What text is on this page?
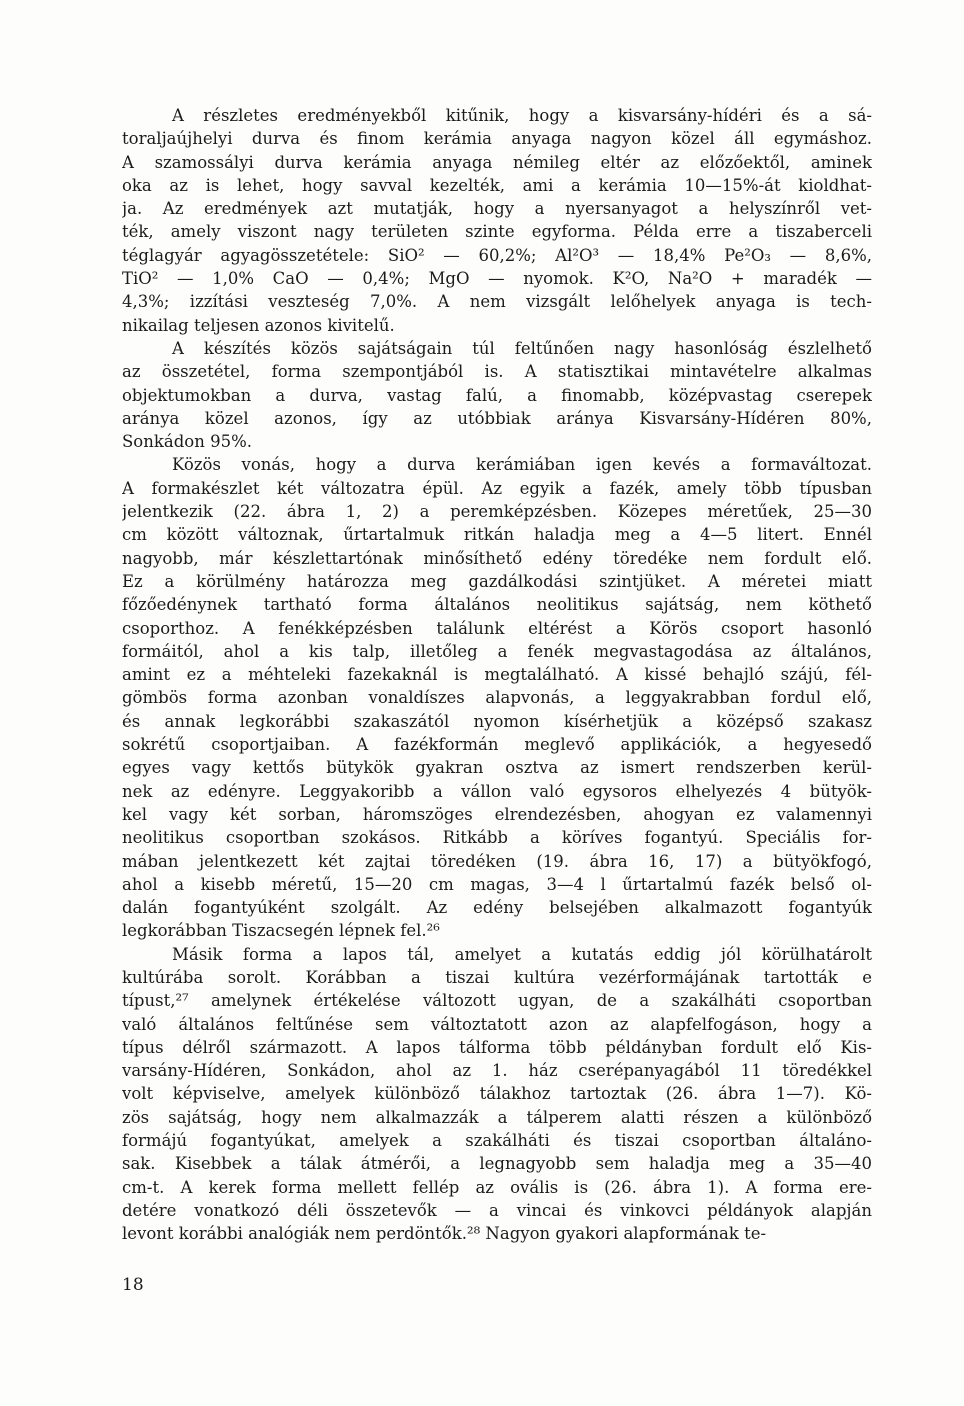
A részletes eredményekből kitűnik, hogy a kisvarsány-hídéri és a sá-
toraljaújhelyi durva és finom kerámia anyaga nagyon közel áll egymáshoz.
A szamossályi durva kerámia anyaga némileg eltér az előzőektől, aminek
oka az is lehet, hogy savval kezelték, ami a kerámia 10—15%-át kioldhat-
ja. Az eredmények azt mutatják, hogy a nyersanyagot a helyszínről vet-
ték, amely viszont nagy területen szinte egyforma. Példa erre a tiszaberceli
téglagyár agyagösszetétele: SiO² — 60,2%; Al²O³ — 18,4% Pe²O₃ — 8,6%,
TiO² — 1,0% CaO — 0,4%; MgO — nyomok. K²O, Na²O + maradék —
4,3%; izzítási veszteség 7,0%. A nem vizsgált lelőhelyek anyaga is tech-
nikailag teljesen azonos kivitelű.
A készítés közös sajátságain túl feltűnően nagy hasonlóság észlelhető
az összetétel, forma szempontjából is. A statisztikai mintavételre alkalmas
objektumokban a durva, vastag falú, a finomabb, középvastag cserepek
aránya közel azonos, így az utóbbiak aránya Kisvarsány-Hídéren 80%,
Sonkádon 95%.
Közös vonás, hogy a durva kerámiában igen kevés a formaváltozat.
A formakészlet két változatra épül. Az egyik a fazék, amely több típusban
jelentkezik (22. ábra 1, 2) a peremképzésben. Közepes méretűek, 25—30
cm között változnak, űrtartalmuk ritkán haladja meg a 4—5 litert. Ennél
nagyobb, már készlettartónak minősíthető edény töredéke nem fordult elő.
Ez a körülmény határozza meg gazdálkodási szintjüket. A méretei miatt
főzőedénynek tartható forma általános neolitikus sajátság, nem köthető
csoporthoz. A fenékképzésben találunk eltérést a Körös csoport hasonló
formáitól, ahol a kis talp, illetőleg a fenék megvastagodása az általános,
amint ez a méhteleki fazekaknál is megtalálható. A kissé behajló szájú, fél-
gömbös forma azonban vonaldíszes alapvonás, a leggyakrabban fordul elő,
és annak legkorábbi szakaszától nyomon kísérhetjük a középső szakasz
sokrétű csoportjaiban. A fazékformán meglevő applikációk, a hegyesedő
egyes vagy kettős bütykök gyakran osztva az ismert rendszerben kerül-
nek az edényre. Leggyakoribb a vállon való egysoros elhelyezés 4 bütyök-
kel vagy két sorban, háromszöges elrendezésben, ahogyan ez valamennyi
neolitikus csoportban szokásos. Ritkább a köríves fogantyú. Speciális for-
mában jelentkezett két zajtai töredéken (19. ábra 16, 17) a bütyökfogó,
ahol a kisebb méretű, 15—20 cm magas, 3—4 l űrtartalmú fazék belső ol-
dalán fogantyúként szolgált. Az edény belsejében alkalmazott fogantyúk
legkorábban Tiszacsegén lépnek fel.²⁶
Másik forma a lapos tál, amelyet a kutatás eddig jól körülhatárolt
kultúrába sorolt. Korábban a tiszai kultúra vezérformájának tartották e
típust,²⁷ amelynek értékelése változott ugyan, de a szakálháti csoportban
való általános feltűnése sem változtatott azon az alapfelfogáson, hogy a
típus délről származott. A lapos tálforma több példányban fordult elő Kis-
varsány-Hídéren, Sonkádon, ahol az 1. ház cserépanyagából 11 töredékkel
volt képviselve, amelyek különböző tálakhoz tartoztak (26. ábra 1—7). Kö-
zös sajátság, hogy nem alkalmazzák a tálperem alatti részen a különböző
formájú fogantyúkat, amelyek a szakálháti és tiszai csoportban általáno-
sak. Kisebbek a tálak átmérői, a legnagyobb sem haladja meg a 35—40
cm-t. A kerek forma mellett fellép az ovális is (26. ábra 1). A forma ere-
detére vonatkozó déli összetevők — a vincai és vinkovci példányok alapján
levont korábbi analógiák nem perdöntők.²⁸ Nagyon gyakori alapformának te-
18
